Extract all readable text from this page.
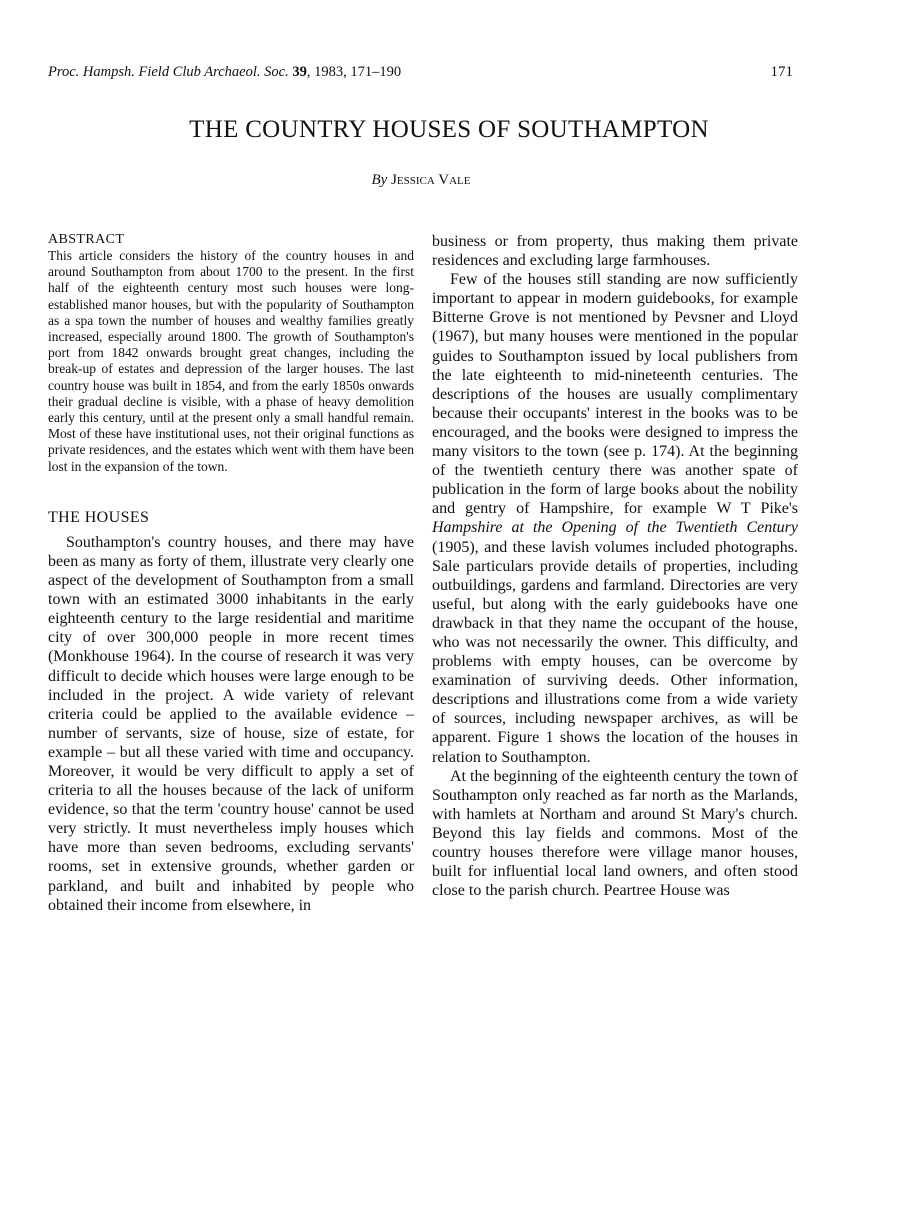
Proc. Hampsh. Field Club Archaeol. Soc. 39, 1983, 171–190	171
THE COUNTRY HOUSES OF SOUTHAMPTON
By Jessica Vale

ABSTRACT

This article considers the history of the country houses in and around Southampton from about 1700 to the present. In the first half of the eighteenth century most such houses were long-established manor houses, but with the popularity of Southampton as a spa town the number of houses and wealthy families greatly increased, especially around 1800. The growth of Southampton's port from 1842 onwards brought great changes, including the break-up of estates and depression of the larger houses. The last country house was built in 1854, and from the early 1850s onwards their gradual decline is visible, with a phase of heavy demolition early this century, until at the present only a small handful remain. Most of these have institutional uses, not their original functions as private residences, and the estates which went with them have been lost in the expansion of the town.

THE HOUSES

Southampton's country houses, and there may have been as many as forty of them, illustrate very clearly one aspect of the development of Southampton from a small town with an estimated 3000 inhabitants in the early eighteenth century to the large residential and maritime city of over 300,000 people in more recent times (Monkhouse 1964). In the course of research it was very difficult to decide which houses were large enough to be included in the project. A wide variety of relevant criteria could be applied to the available evidence – number of servants, size of house, size of estate, for example – but all these varied with time and occupancy. Moreover, it would be very difficult to apply a set of criteria to all the houses because of the lack of uniform evidence, so that the term 'country house' cannot be used very strictly. It must nevertheless imply houses which have more than seven bedrooms, excluding servants' rooms, set in extensive grounds, whether garden or parkland, and built and inhabited by people who obtained their income from elsewhere, in

business or from property, thus making them private residences and excluding large farmhouses.

Few of the houses still standing are now sufficiently important to appear in modern guidebooks, for example Bitterne Grove is not mentioned by Pevsner and Lloyd (1967), but many houses were mentioned in the popular guides to Southampton issued by local publishers from the late eighteenth to mid-nineteenth centuries. The descriptions of the houses are usually complimentary because their occupants' interest in the books was to be encouraged, and the books were designed to impress the many visitors to the town (see p. 174). At the beginning of the twentieth century there was another spate of publication in the form of large books about the nobility and gentry of Hampshire, for example W T Pike's Hampshire at the Opening of the Twentieth Century (1905), and these lavish volumes included photographs. Sale particulars provide details of properties, including outbuildings, gardens and farmland. Directories are very useful, but along with the early guidebooks have one drawback in that they name the occupant of the house, who was not necessarily the owner. This difficulty, and problems with empty houses, can be overcome by examination of surviving deeds. Other information, descriptions and illustrations come from a wide variety of sources, including newspaper archives, as will be apparent. Figure 1 shows the location of the houses in relation to Southampton.

At the beginning of the eighteenth century the town of Southampton only reached as far north as the Marlands, with hamlets at Northam and around St Mary's church. Beyond this lay fields and commons. Most of the country houses therefore were village manor houses, built for influential local land owners, and often stood close to the parish church. Peartree House was
